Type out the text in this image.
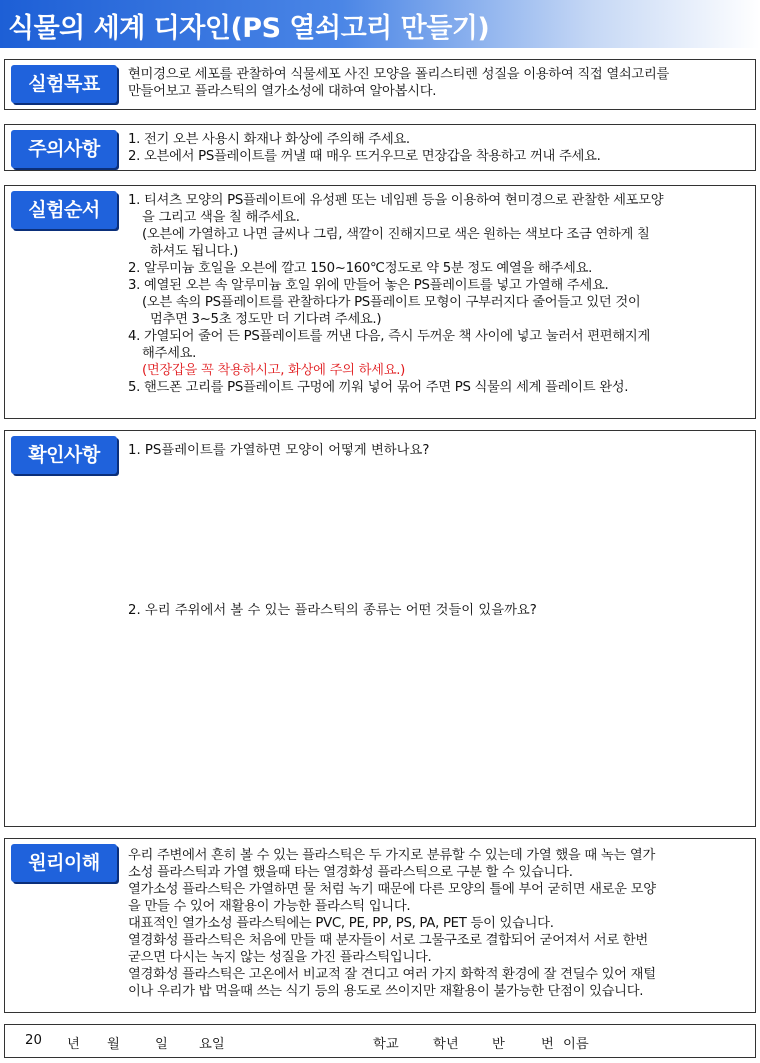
식물의 세계 디자인(PS 열쇠고리 만들기)
실험목표	현미경으로 세포를 관찰하여 식물세포 사진 모양을 폴리스티렌 성질을 이용하여 직접 열쇠고리를

만들어보고 플라스틱의 열가소성에 대하여 알아봅시다.

주의사항	1. 전기 오븐 사용시 화재나 화상에 주의해 주세요.

2. 오븐에서 PS플레이트를 꺼낼 때 매우 뜨거우므로 면장갑을 착용하고 꺼내 주세요.

실험순서	1. 티셔츠 모양의 PS플레이트에 유성펜 또는 네임펜 등을 이용하여 현미경으로 관찰한 세포모양

을 그리고 색을 칠 해주세요.

(오븐에 가열하고 나면 글씨나 그림, 색깔이 진해지므로 색은 원하는 색보다 조금 연하게 칠

하셔도 됩니다.)

2. 알루미늄 호일을 오븐에 깔고 150~160℃정도로 약 5분 정도 예열을 해주세요.

3. 예열된 오븐 속 알루미늄 호일 위에 만들어 놓은 PS플레이트를 넣고 가열해 주세요.

(오븐 속의 PS플레이트를 관찰하다가 PS플레이트 모형이 구부러지다 줄어들고 있던 것이

멈추면 3~5초 정도만 더 기다려 주세요.)

4. 가열되어 줄어 든 PS플레이트를 꺼낸 다음, 즉시 두꺼운 책 사이에 넣고 눌러서 편편해지게

해주세요.

(면장갑을 꼭 착용하시고, 화상에 주의 하세요.)

5. 핸드폰 고리를 PS플레이트 구멍에 끼워 넣어 묶어 주면 PS 식물의 세계 플레이트 완성.

확인사항	1. PS플레이트를 가열하면 모양이 어떻게 변하나요?

2. 우리 주위에서 볼 수 있는 플라스틱의 종류는 어떤 것들이 있을까요?

원리이해	우리 주변에서 흔히 볼 수 있는 플라스틱은 두 가지로 분류할 수 있는데 가열 했을 때 녹는 열가

소성 플라스틱과 가열 했을때 타는 열경화성 플라스틱으로 구분 할 수 있습니다.

열가소성 플라스틱은 가열하면 물 처럼 녹기 때문에 다른 모양의 틀에 부어 굳히면 새로운 모양

을 만들 수 있어 재활용이 가능한 플라스틱 입니다.

대표적인 열가소성 플라스틱에는 PVC, PE, PP, PS, PA, PET 등이 있습니다.

열경화성 플라스틱은 처음에 만들 때 분자들이 서로 그물구조로 결합되어 굳어져서 서로 한번

굳으면 다시는 녹지 않는 성질을 가진 플라스틱입니다.

열경화성 플라스틱은 고온에서 비교적 잘 견디고 여러 가지 화학적 환경에 잘 견딜수 있어 재털

이나 우리가 밥 먹을때 쓰는 식기 등의 용도로 쓰이지만 재활용이 불가능한 단점이 있습니다.

20 년 월	일 요일	학교	학년	반	번 이름
